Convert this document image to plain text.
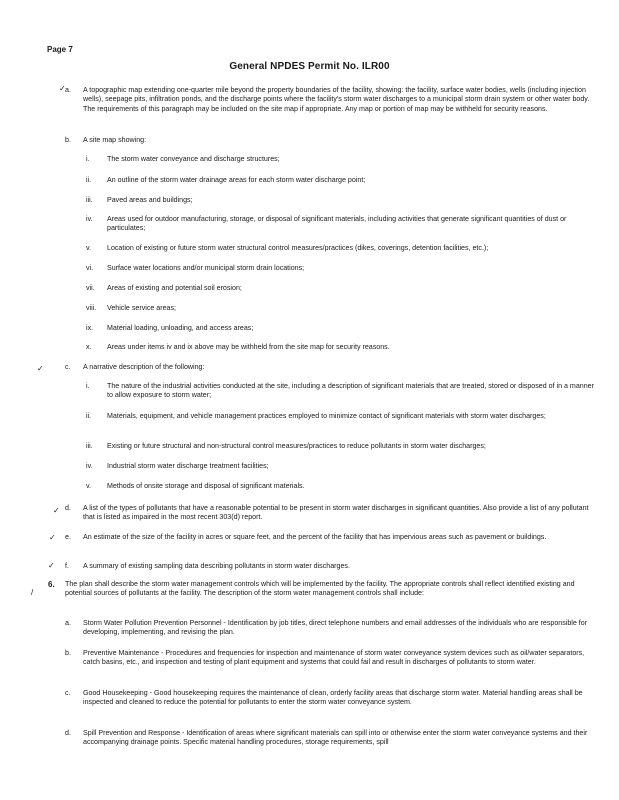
Page 7
General NPDES Permit No. ILR00
✓
✓
✓
✓
✓
/
a. A topographic map extending one-quarter mile beyond the property boundaries of the facility, showing: the facility, surface water bodies, wells (including injection wells), seepage pits, infiltration ponds, and the discharge points where the facility's storm water discharges to a municipal storm drain system or other water body. The requirements of this paragraph may be included on the site map if appropriate. Any map or portion of map may be withheld for security reasons.
b. A site map showing:
i. The storm water conveyance and discharge structures;
ii. An outline of the storm water drainage areas for each storm water discharge point;
iii. Paved areas and buildings;
iv. Areas used for outdoor manufacturing, storage, or disposal of significant materials, including activities that generate significant quantities of dust or particulates;
v. Location of existing or future storm water structural control measures/practices (dikes, coverings, detention facilities, etc.);
vi. Surface water locations and/or municipal storm drain locations;
vii. Areas of existing and potential soil erosion;
viii. Vehicle service areas;
ix. Material loading, unloading, and access areas;
x. Areas under items iv and ix above may be withheld from the site map for security reasons.
c. A narrative description of the following:
i. The nature of the industrial activities conducted at the site, including a description of significant materials that are treated, stored or disposed of in a manner to allow exposure to storm water;
ii. Materials, equipment, and vehicle management practices employed to minimize contact of significant materials with storm water discharges;
iii. Existing or future structural and non-structural control measures/practices to reduce pollutants in storm water discharges;
iv. Industrial storm water discharge treatment facilities;
v. Methods of onsite storage and disposal of significant materials.
d. A list of the types of pollutants that have a reasonable potential to be present in storm water discharges in significant quantities. Also provide a list of any pollutant that is listed as impaired in the most recent 303(d) report.
e. An estimate of the size of the facility in acres or square feet, and the percent of the facility that has impervious areas such as pavement or buildings.
f. A summary of existing sampling data describing pollutants in storm water discharges.
6. The plan shall describe the storm water management controls which will be implemented by the facility. The appropriate controls shall reflect identified existing and potential sources of pollutants at the facility. The description of the storm water management controls shall include:
a. Storm Water Pollution Prevention Personnel - Identification by job titles, direct telephone numbers and email addresses of the individuals who are responsible for developing, implementing, and revising the plan.
b. Preventive Maintenance - Procedures and frequencies for inspection and maintenance of storm water conveyance system devices such as oil/water separators, catch basins, etc., and inspection and testing of plant equipment and systems that could fail and result in discharges of pollutants to storm water.
c. Good Housekeeping - Good housekeeping requires the maintenance of clean, orderly facility areas that discharge storm water. Material handling areas shall be inspected and cleaned to reduce the potential for pollutants to enter the storm water conveyance system.
d. Spill Prevention and Response - Identification of areas where significant materials can spill into or otherwise enter the storm water conveyance systems and their accompanying drainage points. Specific material handling procedures, storage requirements, spill
